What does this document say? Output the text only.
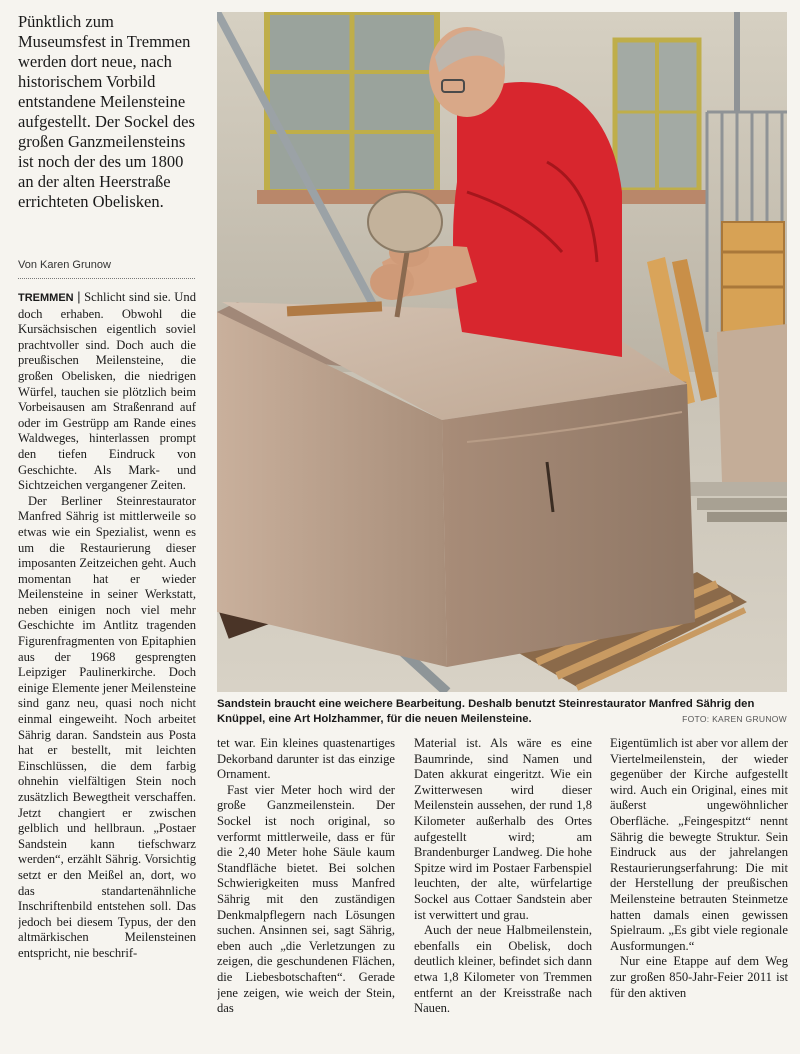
Pünktlich zum Museumsfest in Tremmen werden dort neue, nach historischem Vorbild entstandene Meilensteine aufgestellt. Der Sockel des großen Ganzmeilensteins ist noch der des um 1800 an der alten Heerstraße errichteten Obelisken.

Von Karen Grunow

TREMMEN | Schlicht sind sie. Und doch erhaben. Obwohl die Kursächsischen eigentlich soviel prachtvoller sind. Doch auch die preußischen Meilensteine, die großen Obelisken, die niedrigen Würfel, tauchen sie plötzlich beim Vorbeisausen am Straßenrand auf oder im Gestrüpp am Rande eines Waldweges, hinterlassen prompt den tiefen Eindruck von Geschichte. Als Mark- und Sichtzeichen vergangener Zeiten.

Der Berliner Steinrestaurator Manfred Sährig ist mittlerweile so etwas wie ein Spezialist, wenn es um die Restaurierung dieser imposanten Zeitzeichen geht. Auch momentan hat er wieder Meilensteine in seiner Werkstatt, neben einigen noch viel mehr Geschichte im Antlitz tragenden Figurenfragmenten von Epitaphien aus der 1968 gesprengten Leipziger Paulinerkirche. Doch einige Elemente jener Meilensteine sind ganz neu, quasi noch nicht einmal eingeweiht. Noch arbeitet Sährig daran. Sandstein aus Posta hat er bestellt, mit leichten Einschlüssen, die dem farbig ohnehin vielfältigen Stein noch zusätzlich Bewegtheit verschaffen. Jetzt changiert er zwischen gelblich und hellbraun. „Postaer Sandstein kann tiefschwarz werden“, erzählt Sährig. Vorsichtig setzt er den Meißel an, dort, wo das standartenähnliche Inschriftenbild entstehen soll. Das jedoch bei diesem Typus, der den altmärkischen Meilensteinen entspricht, nie beschrif-

Sandstein braucht eine weichere Bearbeitung. Deshalb benutzt Steinrestaurator Manfred Sährig den Knüppel, eine Art Holzhammer, für die neuen Meilensteine.	FOTO: KAREN GRUNOW

tet war. Ein kleines quastenartiges Dekorband darunter ist das einzige Ornament.

Fast vier Meter hoch wird der große Ganzmeilenstein. Der Sockel ist noch original, so verformt mittlerweile, dass er für die 2,40 Meter hohe Säule kaum Standfläche bietet. Bei solchen Schwierigkeiten muss Manfred Sährig mit den zuständigen Denkmalpflegern nach Lösungen suchen. Ansinnen sei, sagt Sährig, eben auch „die Verletzungen zu zeigen, die geschundenen Flächen, die Liebesbotschaften“. Gerade jene zeigen, wie weich der Stein, das

Material ist. Als wäre es eine Baumrinde, sind Namen und Daten akkurat eingeritzt. Wie ein Zwitterwesen wird dieser Meilenstein aussehen, der rund 1,8 Kilometer außerhalb des Ortes aufgestellt wird; am Brandenburger Landweg. Die hohe Spitze wird im Postaer Farbenspiel leuchten, der alte, würfelartige Sockel aus Cottaer Sandstein aber ist verwittert und grau.

Auch der neue Halbmeilenstein, ebenfalls ein Obelisk, doch deutlich kleiner, befindet sich dann etwa 1,8 Kilometer von Tremmen entfernt an der Kreisstraße nach Nauen.

Eigentümlich ist aber vor allem der Viertelmeilenstein, der wieder gegenüber der Kirche aufgestellt wird. Auch ein Original, eines mit äußerst ungewöhnlicher Oberfläche. „Feingespitzt“ nennt Sährig die bewegte Struktur. Sein Eindruck aus der jahrelangen Restaurierungserfahrung: Die mit der Herstellung der preußischen Meilensteine betrauten Steinmetze hatten damals einen gewissen Spielraum. „Es gibt viele regionale Ausformungen.“

Nur eine Etappe auf dem Weg zur großen 850-Jahr-Feier 2011 ist für den aktiven
